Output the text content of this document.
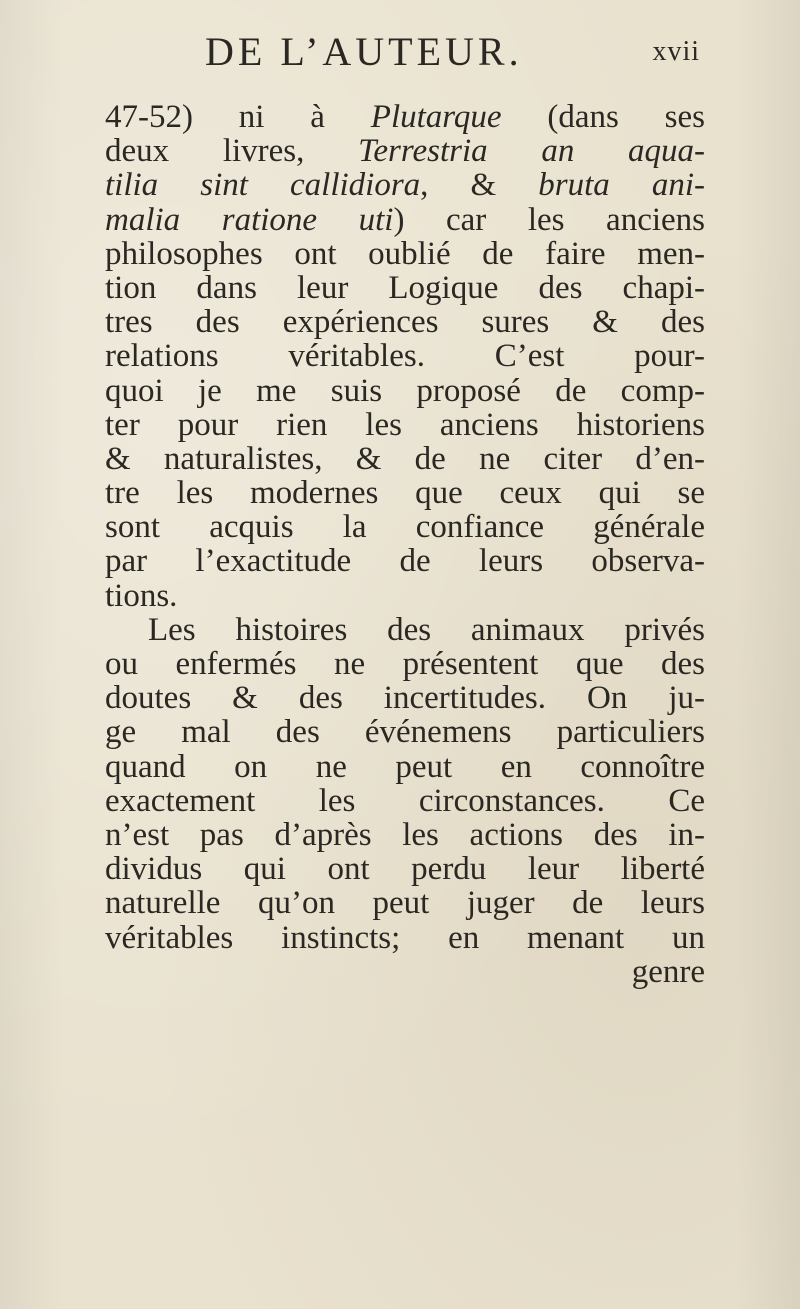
DE L’AUTEUR.	xvii
47-52) ni à Plutarque (dans ses
deux livres, Terrestria an aqua-
tilia sint callidiora, & bruta ani-
malia ratione uti) car les anciens
philosophes ont oublié de faire men-
tion dans leur Logique des chapi-
tres des expériences sures & des
relations véritables. C’est pour-
quoi je me suis proposé de comp-
ter pour rien les anciens historiens
& naturalistes, & de ne citer d’en-
tre les modernes que ceux qui se
sont acquis la confiance générale
par l’exactitude de leurs observa-
tions.
Les histoires des animaux privés
ou enfermés ne présentent que des
doutes & des incertitudes. On ju-
ge mal des événemens particuliers
quand on ne peut en connoître
exactement les circonstances. Ce
n’est pas d’après les actions des in-
dividus qui ont perdu leur liberté
naturelle qu’on peut juger de leurs
véritables instincts; en menant un
genre
